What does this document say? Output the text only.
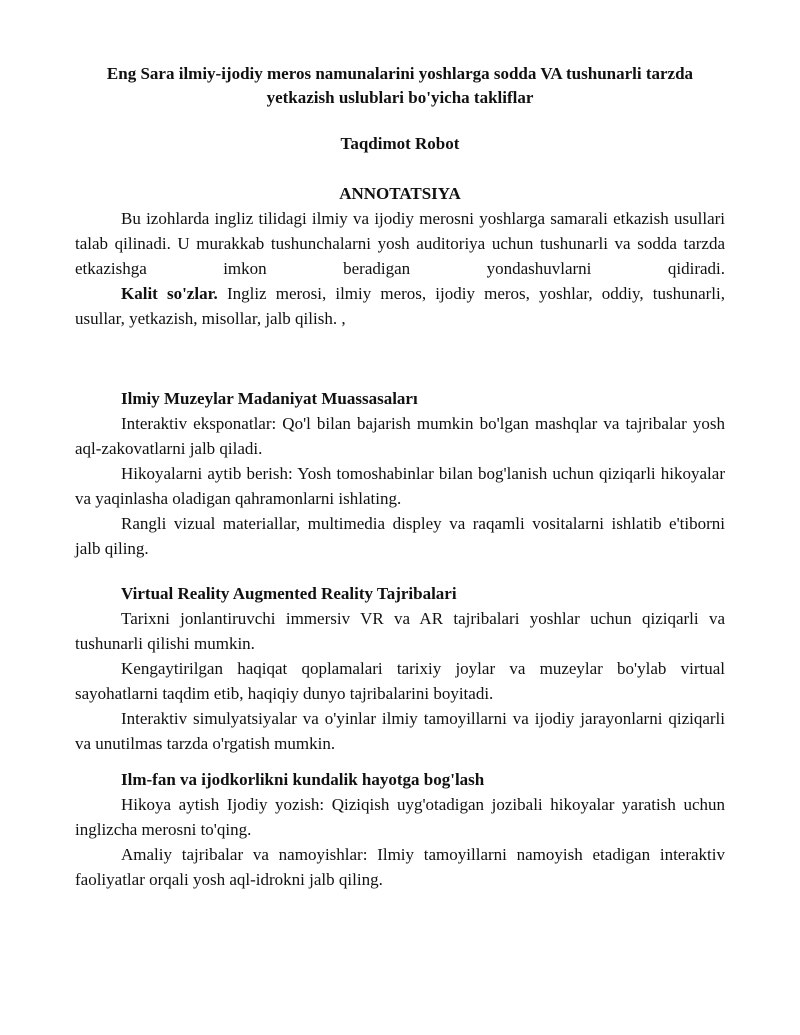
Eng Sara ilmiy-ijodiy meros namunalarini yoshlarga sodda VA tushunarli tarzda
yetkazish uslublari bo'yicha takliflar

Taqdimot Robot

ANNOTATSIYA

Bu izohlarda ingliz tilidagi ilmiy va ijodiy merosni yoshlarga samarali etkazish usullari talab qilinadi. U murakkab tushunchalarni yosh auditoriya uchun tushunarli va sodda tarzda etkazishga imkon beradigan yondashuvlarni qidiradi.

Kalit so'zlar. Ingliz merosi, ilmiy meros, ijodiy meros, yoshlar, oddiy, tushunarli, usullar, yetkazish, misollar, jalb qilish. ,

Ilmiy Muzeylar Madaniyat Muassasaları

Interaktiv eksponatlar: Qo'l bilan bajarish mumkin bo'lgan mashqlar va tajribalar yosh aql-zakovatlarni jalb qiladi.

Hikoyalarni aytib berish: Yosh tomoshabinlar bilan bog'lanish uchun qiziqarli hikoyalar va yaqinlasha oladigan qahramonlarni ishlating.

Rangli vizual materiallar, multimedia displey va raqamli vositalarni ishlatib e'tiborni jalb qiling.

Virtual Reality Augmented Reality Tajribalari

Tarixni jonlantiruvchi immersiv VR va AR tajribalari yoshlar uchun qiziqarli va tushunarli qilishi mumkin.

Kengaytirilgan haqiqat qoplamalari tarixiy joylar va muzeylar bo'ylab virtual sayohatlarni taqdim etib, haqiqiy dunyo tajribalarini boyitadi.

Interaktiv simulyatsiyalar va o'yinlar ilmiy tamoyillarni va ijodiy jarayonlarni qiziqarli va unutilmas tarzda o'rgatish mumkin.

Ilm-fan va ijodkorlikni kundalik hayotga bog'lash

Hikoya aytish Ijodiy yozish: Qiziqish uyg'otadigan jozibali hikoyalar yaratish uchun inglizcha merosni to'qing.

Amaliy tajribalar va namoyishlar: Ilmiy tamoyillarni namoyish etadigan interaktiv faoliyatlar orqali yosh aql-idrokni jalb qiling.
